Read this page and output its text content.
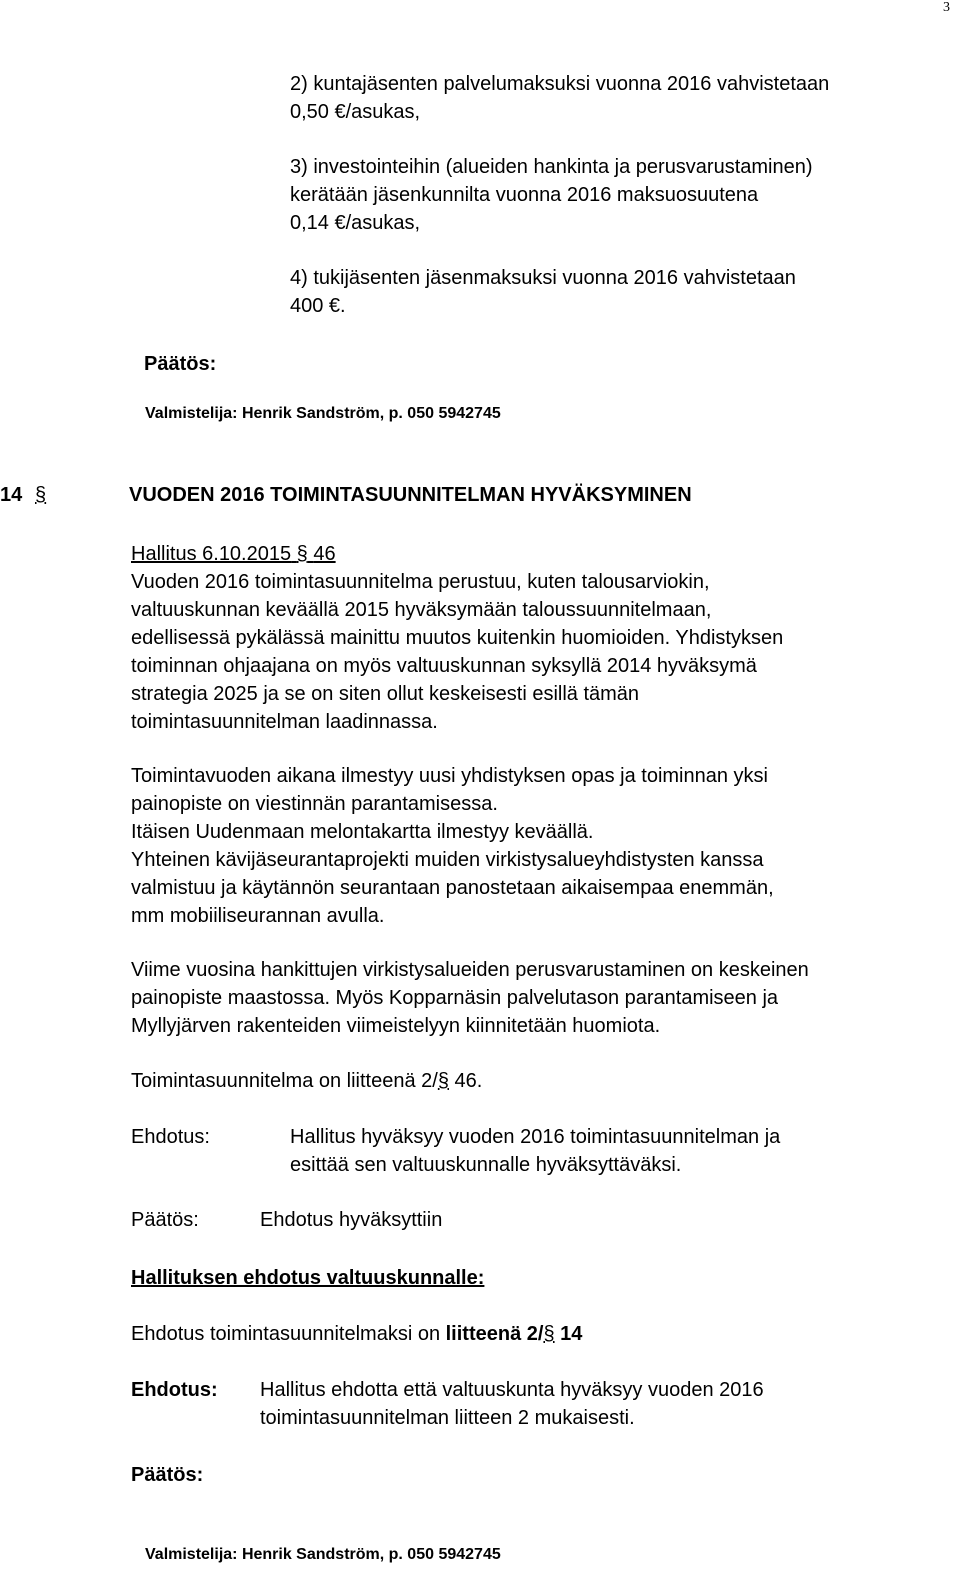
3
2) kuntajäsenten palvelumaksuksi vuonna 2016 vahvistetaan
0,50 €/asukas,
3) investointeihin (alueiden hankinta ja perusvarustaminen)
kerätään jäsenkunnilta vuonna 2016 maksuosuutena
0,14 €/asukas,
4) tukijäsenten jäsenmaksuksi vuonna 2016 vahvistetaan
400 €.
Päätös:
Valmistelija: Henrik Sandström, p. 050 5942745
14 §	VUODEN 2016 TOIMINTASUUNNITELMAN HYVÄKSYMINEN
Hallitus 6.10.2015 § 46
Vuoden 2016 toimintasuunnitelma perustuu, kuten talousarviokin,
valtuuskunnan keväällä 2015 hyväksymään taloussuunnitelmaan,
edellisessä pykälässä mainittu muutos kuitenkin huomioiden. Yhdistyksen
toiminnan ohjaajana on myös valtuuskunnan syksyllä 2014 hyväksymä
strategia 2025 ja se on siten ollut keskeisesti esillä tämän
toimintasuunnitelman laadinnassa.
Toimintavuoden aikana ilmestyy uusi yhdistyksen opas ja toiminnan yksi
painopiste on viestinnän parantamisessa.
Itäisen Uudenmaan melontakartta ilmestyy keväällä.
Yhteinen kävijäseurantaprojekti muiden virkistysalueyhdistysten kanssa
valmistuu ja käytännön seurantaan panostetaan aikaisempaa enemmän,
mm mobiiliseurannan avulla.
Viime vuosina hankittujen virkistysalueiden perusvarustaminen on keskeinen
painopiste maastossa. Myös Kopparnäsin palvelutason parantamiseen ja
Myllyjärven rakenteiden viimeistelyyn kiinnitetään huomiota.
Toimintasuunnitelma on liitteenä 2/§ 46.
Ehdotus:	Hallitus hyväksyy vuoden 2016 toimintasuunnitelman ja
esittää sen valtuuskunnalle hyväksyttäväksi.
Päätös:	Ehdotus hyväksyttiin
Hallituksen ehdotus valtuuskunnalle:
Ehdotus toimintasuunnitelmaksi on liitteenä 2/§ 14
Ehdotus: Hallitus ehdotta että valtuuskunta hyväksyy vuoden 2016
toimintasuunnitelman liitteen 2 mukaisesti.
Päätös:
Valmistelija: Henrik Sandström, p. 050 5942745
